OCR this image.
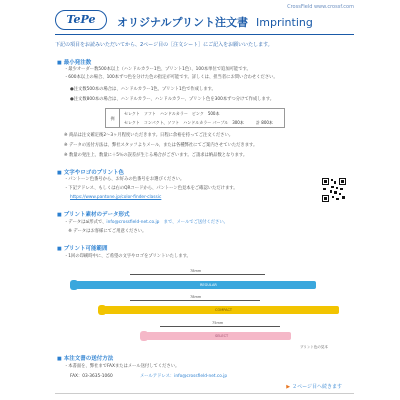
TePe	オリジナルプリント注文書 Imprinting
CrossField www.crossf.com
下記の項目をお読みいただいてから、2ページ目の［注文シート］にご記入をお願いいたします。
■ 最小発注数
・最少オーダー数500本以上（ハンドルカラー1色、プリント1色）、100本単位で追加可能です。
・600本以上の場合、100本ずつ色を分けた色の指定が可能です。詳しくは、担当者にお問い合わせください。
●注文数500本の場合は、ハンドルカラー1色、プリント1色で作成します。
●注文数800本の場合は、ハンドルカラー、ハンドルカラー、プリント色を300本ずつ分けて作成します。
例
セレクト　ソフト　ハンドルカラー　ピンク　500本
セレクト　コンパクト、ソフト　ハンドルカラー パープル　300本	計 800本
※ 商品は注文確定後2～3ヶ月程度いただきます。日程に余裕を持ってご注文ください。
※ データの送付方法は、弊社スタッフよりメール、または各種弊社にてご案内させていただきます。
※ 数量の発注上、数量に＋5％の誤差が生じる場合がございます。ご請求は納品数となります。
■ 文字やロゴのプリント色
・パントーン色番号から、お好みの色番号をお選びください。
・下記アドレス、もしくは右のQRコードから、パントーン色見本をご確認いただけます。
https://www.pantone.jp/color-finder-classic
■ プリント素材のデータ形式
・データはai形式で、info@crossfield-net.co.jp　まで、メールでご送付ください。
　※ データはお客様にてご用意ください。
■ プリント可能範囲
・1回の印刷時中に、ご希望の文字やロゴをプリントいたします。
78mm
REGULAR
78mm
COMPACT
75mm
SELECT
プリント色の見本
■ 本注文書の送付方法
・本書面を、弊社までFAXまたはメール送付してください。
FAX：03-3635-1060	メールアドレス：info@crossfield-net.co.jp
▶ ２ページ目へ続きます
